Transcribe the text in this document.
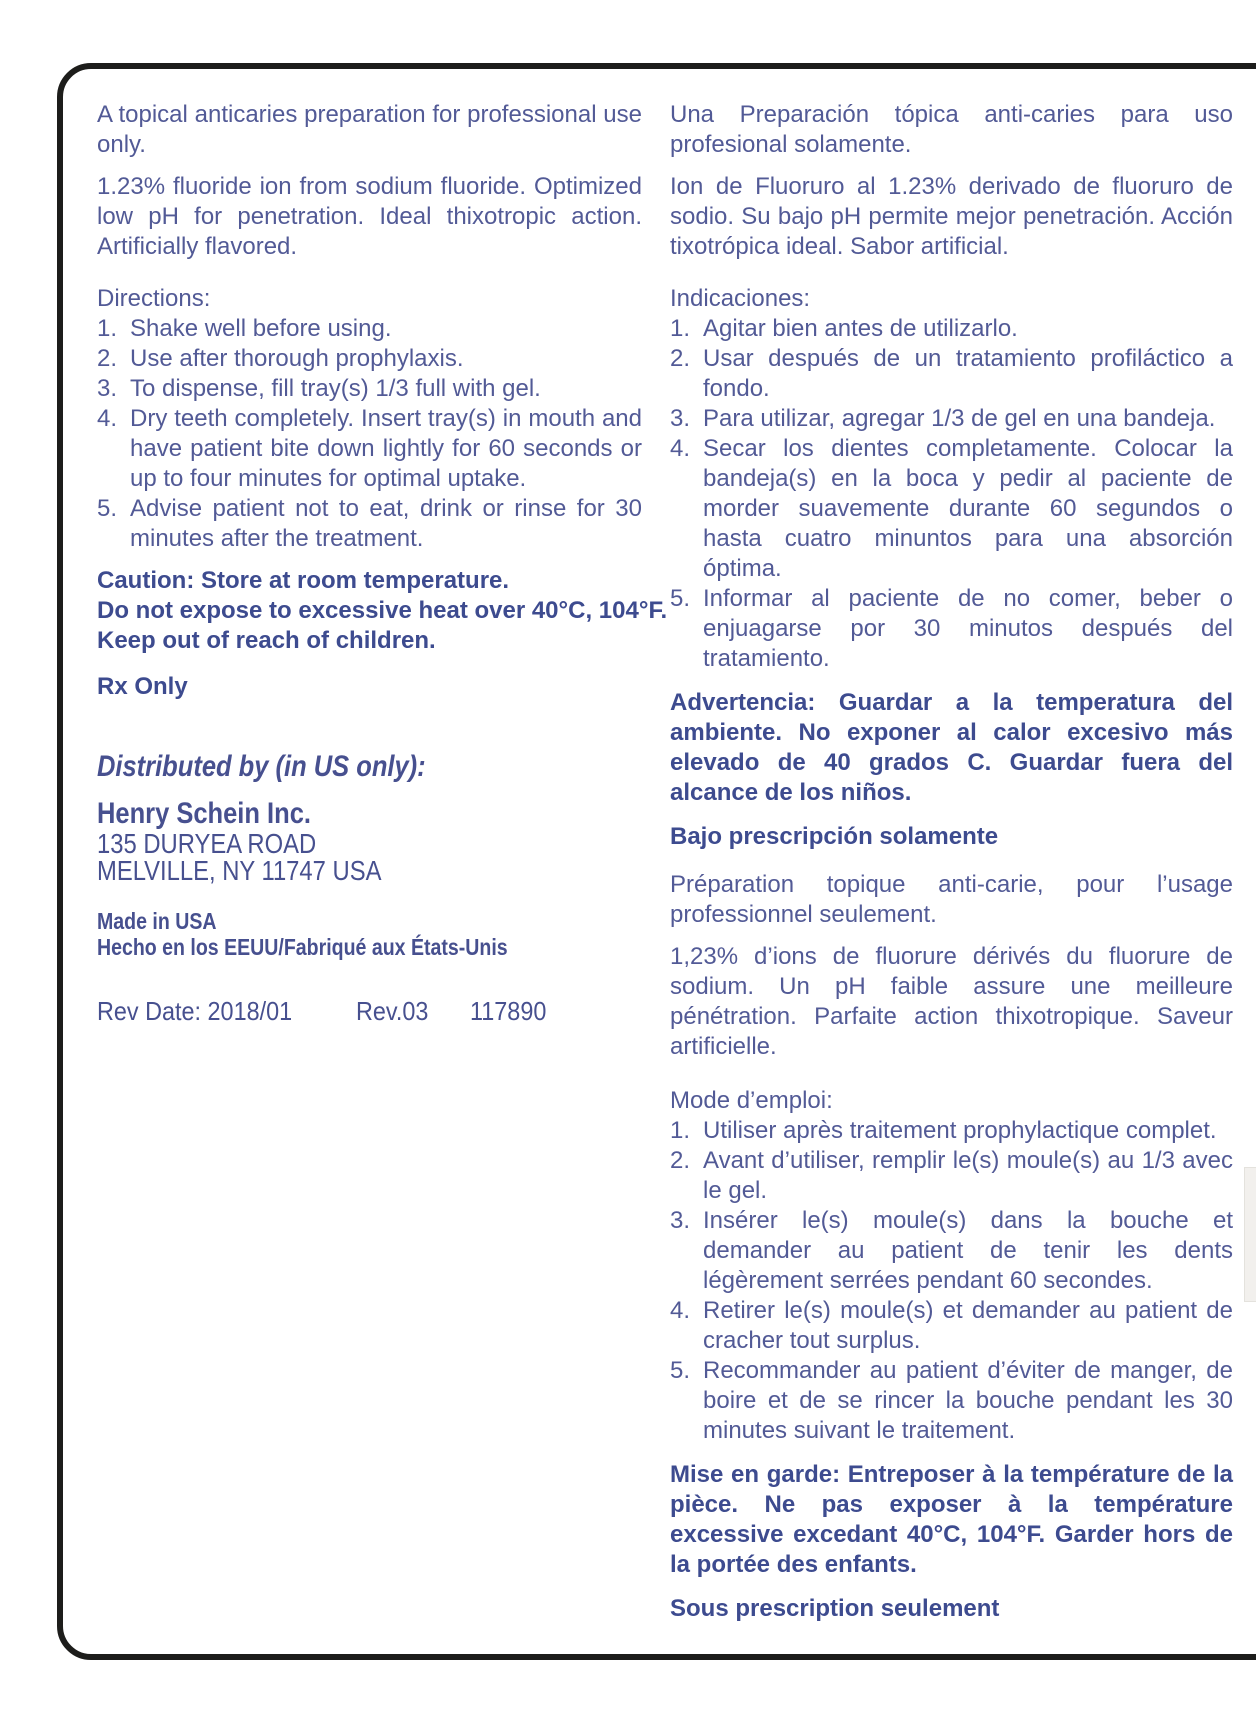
A topical anticaries preparation for professional use only.

1.23% fluoride ion from sodium fluoride. Optimized low pH for penetration. Ideal thixotropic action. Artificially flavored.

Directions:
1. Shake well before using.
2. Use after thorough prophylaxis.
3. To dispense, fill tray(s) 1/3 full with gel.
4. Dry teeth completely. Insert tray(s) in mouth and have patient bite down lightly for 60 seconds or up to four minutes for optimal uptake.
5. Advise patient not to eat, drink or rinse for 30 minutes after the treatment.
Caution: Store at room temperature.
Do not expose to excessive heat over 40°C, 104°F.
Keep out of reach of children.
Rx Only
Distributed by (in US only):
Henry Schein Inc.
135 DURYEA ROAD
MELVILLE, NY 11747 USA
Made in USA
Hecho en los EEUU/Fabriqué aux États-Unis
Rev Date: 2018/01 Rev.03 117890

Una Preparación tópica anti-caries para uso profesional solamente.

Ion de Fluoruro al 1.23% derivado de fluoruro de sodio. Su bajo pH permite mejor penetración. Acción tixotrópica ideal. Sabor artificial.

Indicaciones:
1. Agitar bien antes de utilizarlo.
2. Usar después de un tratamiento profiláctico a fondo.
3. Para utilizar, agregar 1/3 de gel en una bandeja.
4. Secar los dientes completamente. Colocar la bandeja(s) en la boca y pedir al paciente de morder suavemente durante 60 segundos o hasta cuatro minuntos para una absorción óptima.
5. Informar al paciente de no comer, beber o enjuagarse por 30 minutos después del tratamiento.

Advertencia: Guardar a la temperatura del ambiente. No exponer al calor excesivo más elevado de 40 grados C. Guardar fuera del alcance de los niños.

Bajo prescripción solamente

Préparation topique anti-carie, pour l’usage professionnel seulement.

1,23% d’ions de fluorure dérivés du fluorure de sodium. Un pH faible assure une meilleure pénétration. Parfaite action thixotropique. Saveur artificielle.

Mode d’emploi:
1. Utiliser après traitement prophylactique complet.
2. Avant d’utiliser, remplir le(s) moule(s) au 1/3 avec le gel.
3. Insérer le(s) moule(s) dans la bouche et demander au patient de tenir les dents légèrement serrées pendant 60 secondes.
4. Retirer le(s) moule(s) et demander au patient de cracher tout surplus.
5. Recommander au patient d’éviter de manger, de boire et de se rincer la bouche pendant les 30 minutes suivant le traitement.

Mise en garde: Entreposer à la température de la pièce. Ne pas exposer à la température excessive excedant 40°C, 104°F. Garder hors de la portée des enfants.

Sous prescription seulement
